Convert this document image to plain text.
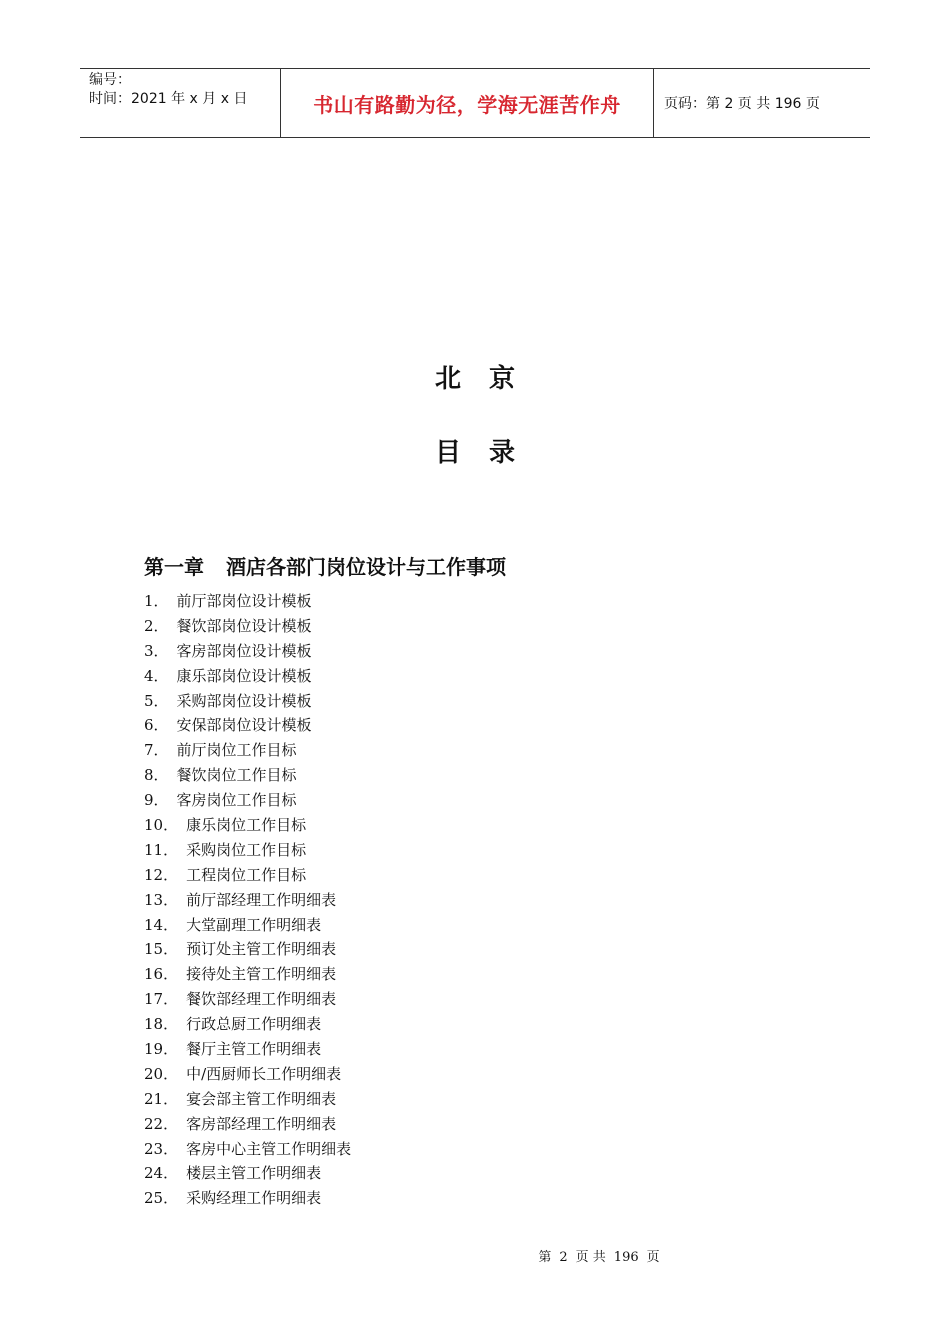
编号：
时间：2021 年 x 月 x 日	书山有路勤为径，学海无涯苦作舟	页码：第 2 页 共 196 页
北京
目录
第一章 酒店各部门岗位设计与工作事项
1． 前厅部岗位设计模板
2． 餐饮部岗位设计模板
3． 客房部岗位设计模板
4． 康乐部岗位设计模板
5． 采购部岗位设计模板
6． 安保部岗位设计模板
7． 前厅岗位工作目标
8． 餐饮岗位工作目标
9． 客房岗位工作目标
10． 康乐岗位工作目标
11． 采购岗位工作目标
12． 工程岗位工作目标
13． 前厅部经理工作明细表
14． 大堂副理工作明细表
15． 预订处主管工作明细表
16． 接待处主管工作明细表
17． 餐饮部经理工作明细表
18． 行政总厨工作明细表
19． 餐厅主管工作明细表
20． 中/西厨师长工作明细表
21． 宴会部主管工作明细表
22． 客房部经理工作明细表
23． 客房中心主管工作明细表
24． 楼层主管工作明细表
25． 采购经理工作明细表
第 2 页 共 196 页
